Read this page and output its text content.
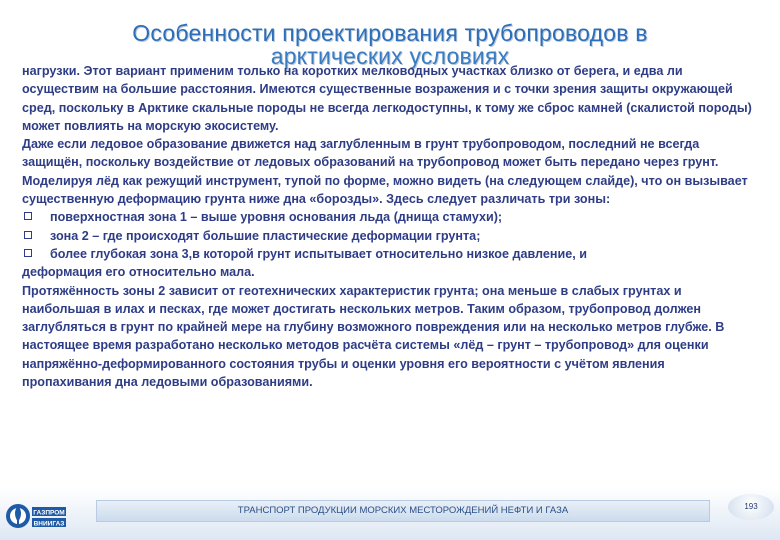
Особенности проектирования трубопроводов в
арктических условиях

нагрузки. Этот вариант применим только на коротких мелководных участках близко от берега, и едва ли осуществим на большие расстояния. Имеются существенные возражения и с точки зрения защиты окружающей сред, поскольку в Арктике скальные породы не всегда легкодоступны, к тому же сброс камней (скалистой породы) может повлиять на морскую экосистему.

Даже если ледовое образование движется над заглубленным в грунт трубопроводом, последний не всегда защищён, поскольку воздействие от ледовых образований на трубопровод может быть передано через грунт. Моделируя лёд как режущий инструмент, тупой по форме, можно видеть (на следующем слайде), что он вызывает существенную деформацию грунта ниже дна «борозды». Здесь следует различать три зоны:

поверхностная зона 1 – выше уровня основания льда (днища стамухи);
зона 2 – где происходят большие пластические деформации грунта;
более глубокая зона 3,в которой грунт испытывает относительно низкое давление, и

деформация его относительно мала.

Протяжённость зоны 2 зависит от геотехнических характеристик грунта; она меньше в слабых грунтах и наибольшая в илах и песках, где может достигать нескольких метров. Таким образом, трубопровод должен заглубляться в грунт по крайней мере на глубину возможного повреждения или на несколько метров глубже. В настоящее время разработано несколько методов расчёта системы «лёд – грунт – трубопровод» для оценки напряжённо-деформированного состояния трубы и оценки уровня его вероятности с учётом явления пропахивания дна ледовыми образованиями.

ГАЗПРОМ
ВНИИГАЗ
ТРАНСПОРТ ПРОДУКЦИИ МОРСКИХ МЕСТОРОЖДЕНИЙ НЕФТИ И ГАЗА	193
